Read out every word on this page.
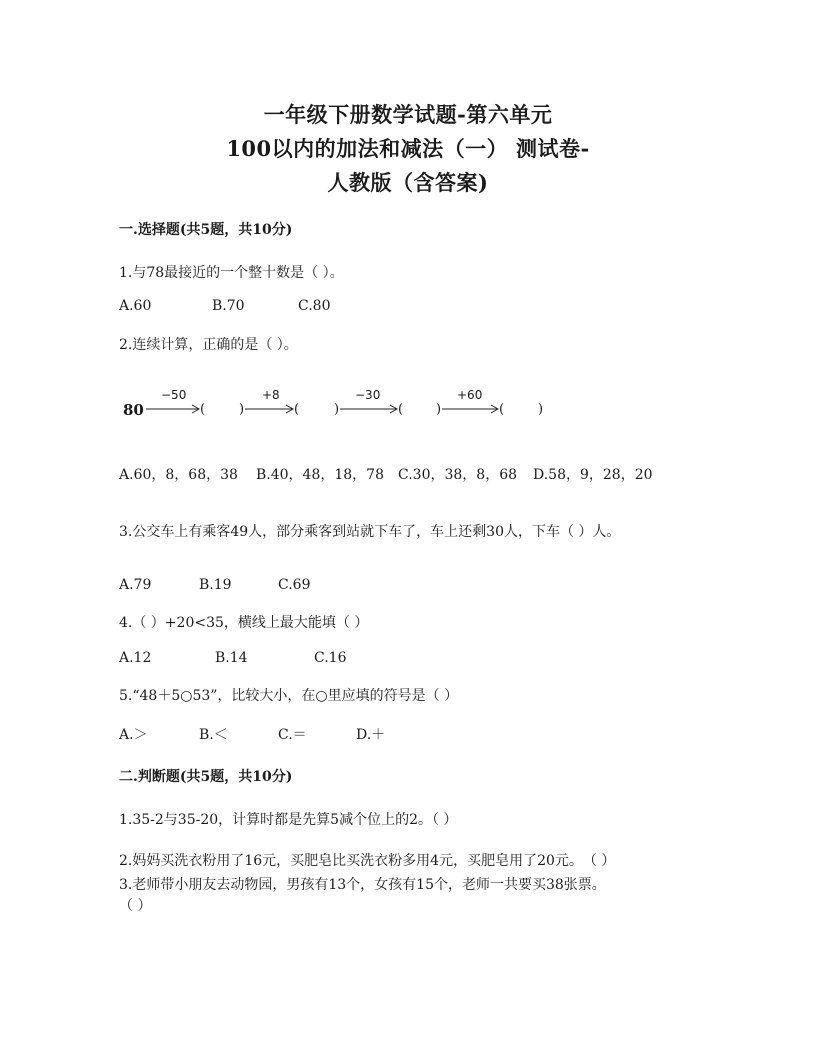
一年级下册数学试题-第六单元
100以内的加法和减法（一） 测试卷-
人教版（含答案)
一.选择题(共5题，共10分)
1.与78最接近的一个整十数是（ ）。
A.60	B.70	C.80
2.连续计算，正确的是（ ）。
80
−50	+8	−30	+60
(	)	(	)	(	)	(	)
A.60，8，68，38 B.40，48，18，78 C.30，38，8，68 D.58，9，28，20
3.公交车上有乘客49人，部分乘客到站就下车了，车上还剩30人，下车（ ）人。
A.79	B.19	C.69
4.（ ）+20<35，横线上最大能填（ ）
A.12	B.14	C.16
5.“48＋5○53”，比较大小，在○里应填的符号是（ ）
A.＞	B.＜	C.＝	D.＋
二.判断题(共5题，共10分)
1.35-2与35-20，计算时都是先算5减个位上的2。（ ）
2.妈妈买洗衣粉用了16元，买肥皂比买洗衣粉多用4元，买肥皂用了20元。　（ ）
3.老师带小朋友去动物园，男孩有13个，女孩有15个，老师一共要买38张票。
（ ）
